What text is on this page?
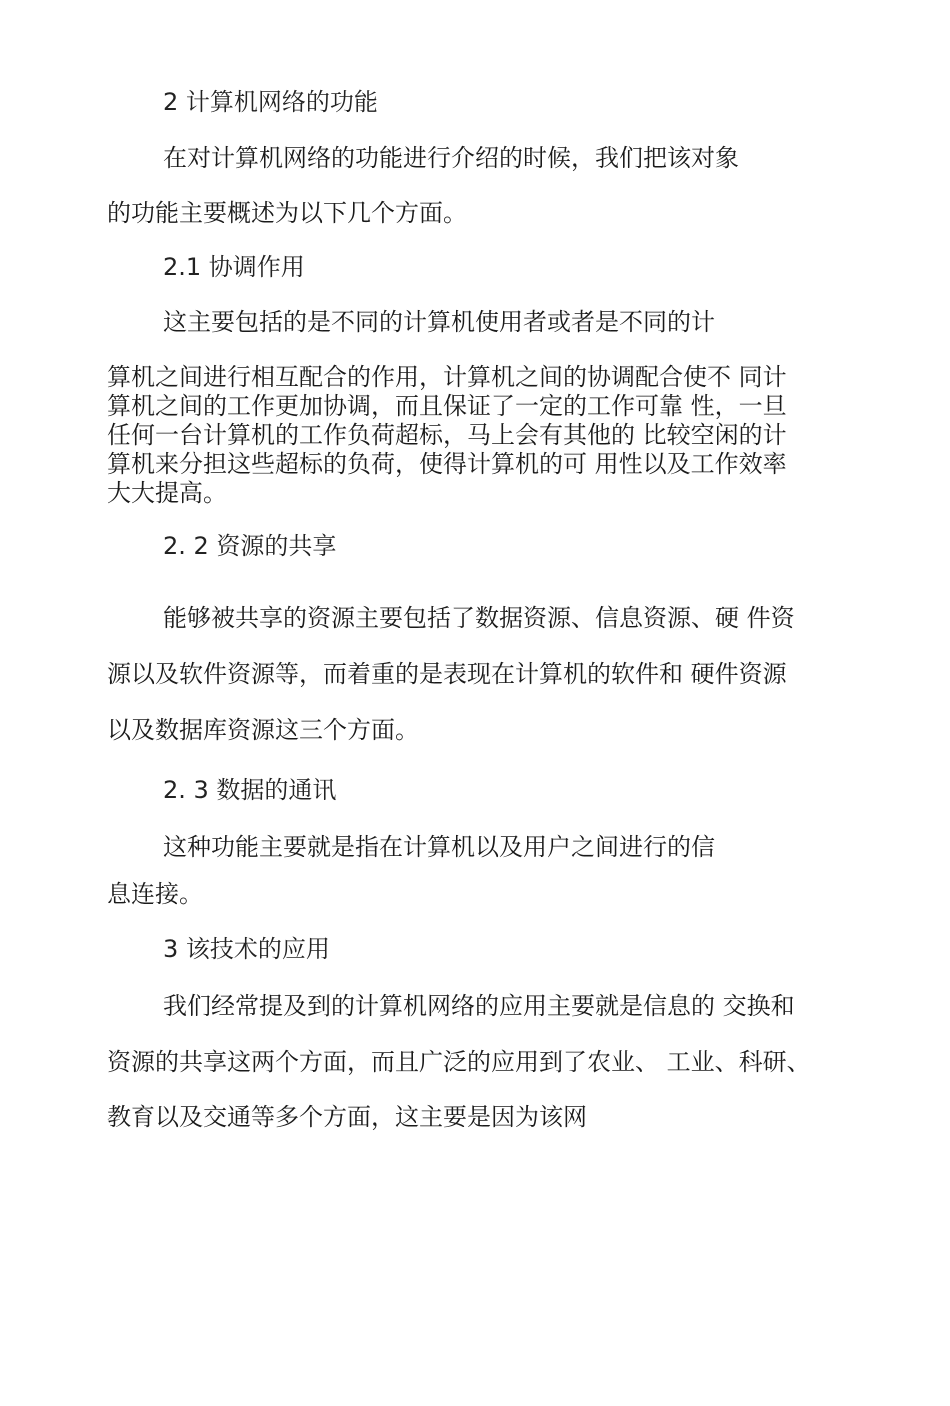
2 计算机网络的功能

在对计算机网络的功能进行介绍的时候，我们把该对象

的功能主要概述为以下几个方面。

2.1 协调作用

这主要包括的是不同的计算机使用者或者是不同的计

算机之间进行相互配合的作用，计算机之间的协调配合使不 同计

算机之间的工作更加协调，而且保证了一定的工作可靠 性，一旦

任何一台计算机的工作负荷超标，马上会有其他的 比较空闲的计

算机来分担这些超标的负荷，使得计算机的可 用性以及工作效率

大大提高。

2. 2 资源的共享

能够被共享的资源主要包括了数据资源、信息资源、硬 件资

源以及软件资源等，而着重的是表现在计算机的软件和 硬件资源

以及数据库资源这三个方面。

2. 3 数据的通讯

这种功能主要就是指在计算机以及用户之间进行的信

息连接。

3 该技术的应用

我们经常提及到的计算机网络的应用主要就是信息的 交换和

资源的共享这两个方面，而且广泛的应用到了农业、 工业、科研、

教育以及交通等多个方面，这主要是因为该网
